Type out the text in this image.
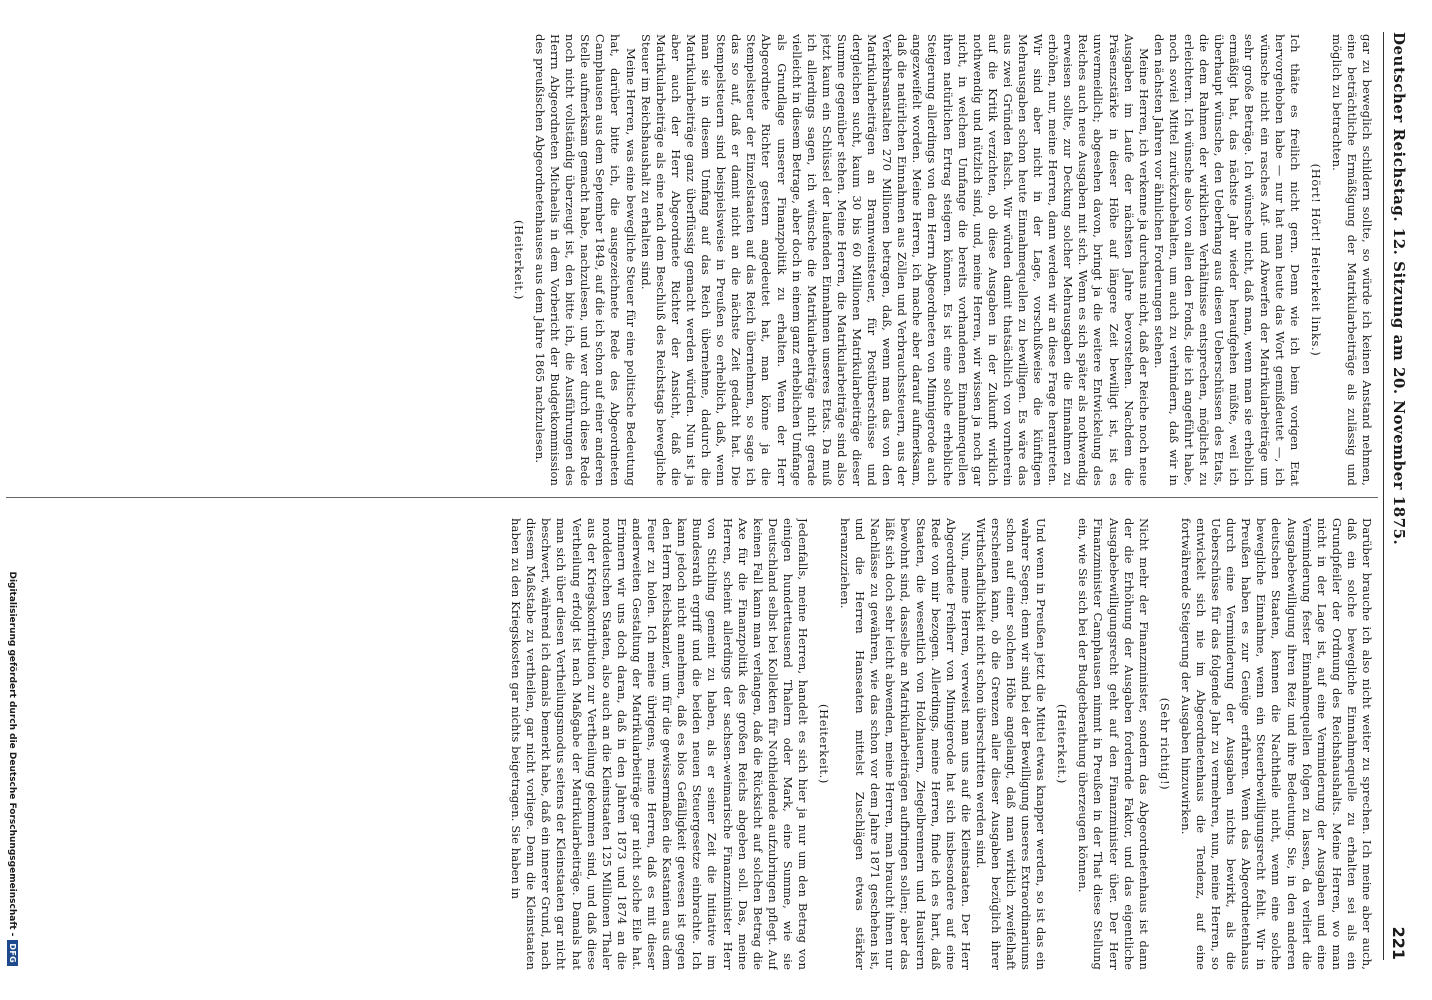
Deutscher Reichstag. 12. Sitzung am 20. November 1875.
221

gar zu beweglich schildern sollte, so würde ich keinen Anstand nehmen, eine beträchtliche Ermäßigung der Matrikularbeiträge als zulässig und möglich zu betrachten.

(Hört! Hört! Heiterkeit links.)

Ich thäte es freilich nicht gern. Denn wie ich beim vorigen Etat hervorgehoben habe — nur hat man heute das Wort gemißdeutet —, ich wünsche nicht ein rasches Auf- und Abwerfen der Matrikularbeiträge um sehr große Beträge. Ich wünsche nicht, daß man, wenn man sie erheblich ermäßigt hat, das nächste Jahr wieder heraufgehen müßte, weil ich überhaupt wünsche, den Ueberhang aus diesen Ueberschüssen des Etats, die dem Rahmen der wirklichen Verhältnisse entsprechen, möglichst zu erleichtern. Ich wünsche also von allen den Fonds, die ich angeführt habe, noch soviel Mittel zurückzubehalten, um auch zu verhindern, daß wir in den nächsten Jahren vor ähnlichen Forderungen stehen.

Meine Herren, ich verkenne ja durchaus nicht, daß der Reiche noch neue Ausgaben im Laufe der nächsten Jahre bevorstehen. Nachdem die Präsenzstärke in dieser Höhe auf längere Zeit bewilligt ist, ist es unvermeidlich; abgesehen davon, bringt ja die weitere Entwickelung des Reiches auch neue Ausgaben mit sich. Wenn es sich später als nothwendig erweisen sollte, zur Deckung solcher Mehrausgaben die Einnahmen zu erhöhen, nur, meine Herren, dann werden wir an diese Frage herantreten. Wir sind aber nicht in der Lage, vorschußweise die künftigen Mehrausgaben schon heute Einnahmequellen zu bewilligen. Es wäre das aus zwei Gründen falsch. Wir würden damit thatsächlich von vornherein auf die Kritik verzichten, ob diese Ausgaben in der Zukunft wirklich nothwendig und nützlich sind, und, meine Herren, wir wissen ja noch gar nicht, in welchem Umfange die bereits vorhandenen Einnahmequellen ihren natürlichen Ertrag steigern können. Es ist eine solche erhebliche Steigerung allerdings von dem Herrn Abgeordneten von Minnigerode auch angezweifelt worden. Meine Herren, ich mache aber darauf aufmerksam, daß die natürlichen Einnahmen aus Zöllen und Verbrauchssteuern, aus der Verkehrsanstalten 270 Millionen betragen, daß, wenn man das von den Matrikularbeiträgen an Brannweinsteuer, für Postüberschüsse und dergleichen sucht, kaum 30 bis 60 Millionen Matrikularbeiträge dieser Summe gegenüber stehen. Meine Herren, die Matrikularbeiträge sind also jetzt kaum ein Schlüssel der laufenden Einnahmen unseres Etats. Da muß ich allerdings sagen, ich wünsche die Matrikularbeiträge nicht gerade vielleicht in diesem Betrage, aber doch in einem ganz erheblichen Umfange als Grundlage unserer Finanzpolitik zu erhalten. Wenn der Herr Abgeordnete Richter gestern angedeutet hat, man könne ja die Stempelsteuer der Einzelstaaten auf das Reich übernehmen, so sage ich das so auf, daß er damit nicht an die nächste Zeit gedacht hat. Die Stempelsteuern sind beispielsweise in Preußen so erheblich, daß, wenn man sie in diesem Umfang auf das Reich übernehme, dadurch die Matrikularbeiträge ganz überflüssig gemacht werden würden. Nun ist ja aber auch der Herr Abgeordnete Richter der Ansicht, daß die Matrikularbeiträge als eine nach dem Beschluß des Reichstags bewegliche Steuer im Reichshaushalt zu erhalten sind.

Meine Herren, was eine bewegliche Steuer für eine politische Bedeutung hat, darüber bitte ich, die ausgezeichnete Rede des Abgeordneten Camphausen aus dem September 1849, auf die ich schon auf einer anderen Stelle aufmerksam gemacht habe, nachzulesen, und wer durch diese Rede noch nicht vollständig überzeugt ist, den bitte ich, die Ausführungen des Herrn Abgeordneten Michaelis in dem Vorbericht der Budgetkommission des preußischen Abgeordnetenhauses aus dem Jahre 1865 nachzulesen.

(Heiterkeit.)

Darüber brauche ich also nicht weiter zu sprechen. Ich meine aber auch, daß ein solche bewegliche Einnahmequelle zu erhalten sei als ein Grundpfeiler der Ordnung des Reichshaushalts. Meine Herren, wo man nicht in der Lage ist, auf eine Verminderung der Ausgaben und eine Verminderung fester Einnahmequellen folgen zu lassen, da verliert die Ausgabebewilligung ihren Reiz und ihre Bedeutung. Sie, in den anderen deutschen Staaten, kennen die Nachtheile nicht, wenn eine solche bewegliche Einnahme, wenn ein Steuerbewilligungsrecht fehlt. Wir in Preußen haben es zur Genüge erfahren. Wenn das Abgeordnetenhaus durch eine Verminderung der Ausgaben nichts bewirkt, als die Ueberschüsse für das folgende Jahr zu vermehren, nun, meine Herren, so entwickelt sich nie im Abgeordnetenhaus die Tendenz, auf eine fortwährende Steigerung der Ausgaben hinzuwirken.

(Sehr richtig!)

Nicht mehr der Finanzminister, sondern das Abgeordnetenhaus ist dann der die Erhöhung der Ausgaben fordernde Faktor, und das eigentliche Ausgabebewilligungsrecht geht auf den Finanzminister über. Der Herr Finanzminister Camphausen nimmt in Preußen in der That diese Stellung ein, wie Sie sich bei der Budgetberathung überzeugen können.

(Heiterkeit.)

Und wenn in Preußen jetzt die Mittel etwas knapper werden, so ist das ein wahrer Segen; denn wir sind bei der Bewilligung unseres Extraordinariums schon auf einer solchen Höhe angelangt, daß man wirklich zweifelhaft erscheinen kann, ob die Grenzen aller dieser Ausgaben bezüglich ihrer Wirthschaftlichkeit nicht schon überschritten werden sind.

Nun, meine Herren, verweist man uns auf die Kleinstaaten. Der Herr Abgeordnete Freiherr von Minnigerode hat sich insbesondere auf eine Rede von mir bezogen. Allerdings, meine Herren, finde ich es hart, daß Staaten, die wesentlich von Holzhauern, Ziegelbrennern und Hausirern bewohnt sind, dasselbe an Matrikularbeiträgen aufbringen sollen; aber das läßt sich doch sehr leicht abwenden, meine Herren, man braucht ihnen nur Nachlässe zu gewähren, wie das schon vor dem Jahre 1871 geschehen ist, und die Herren Hanseaten mittelst Zuschlägen etwas stärker heranzuziehen.

(Heiterkeit.)

Jedenfalls, meine Herren, handelt es sich hier ja nur um den Betrag von einigen hunderttausend Thalern oder Mark, eine Summe, wie sie Deutschland selbst bei Kollekten für Nothleidende aufzubringen pflegt. Auf keinen Fall kann man verlangen, daß die Rücksicht auf solchen Betrag die Axe für die Finanzpolitik des großen Reichs abgeben soll. Das, meine Herren, scheint allerdings der sachsen-weimarische Finanzminister Herr von Stichling gemeint zu haben, als er seiner Zeit die Initiative im Bundesrath ergriff und die beiden neuen Steuergesetze einbrachte. Ich kann jedoch nicht annehmen, daß es blos Gefälligkeit gewesen ist gegen den Herrn Reichskanzler, um für die gewissermaßen die Kastanien aus dem Feuer zu holen. Ich meine übrigens, meine Herren, daß es mit dieser anderweiten Gestaltung der Matrikularbeiträge gar nicht solche Eile hat. Erinnern wir uns doch daran, daß in den Jahren 1873 und 1874 an die norddeutschen Staaten, also auch an die Kleinstaaten 125 Millionen Thaler aus der Kriegskontribution zur Vertheilung gekommen sind, und daß diese Vertheilung erfolgt ist nach Maßgabe der Matrikularbeiträge. Damals hat man sich über diesen Vertheilungsmodus seitens der Kleinstaaten gar nicht beschwert, während ich damals bemerkt habe, daß ein innerer Grund, nach diesem Maßstabe zu vertheilen, gar nicht vorliege. Denn die Kleinstaaten haben zu den Kriegskosten gar nichts beigetragen. Sie haben in

Digitalisierung gefördert durch die Deutsche Forschungsgemeinschaft -DFG
